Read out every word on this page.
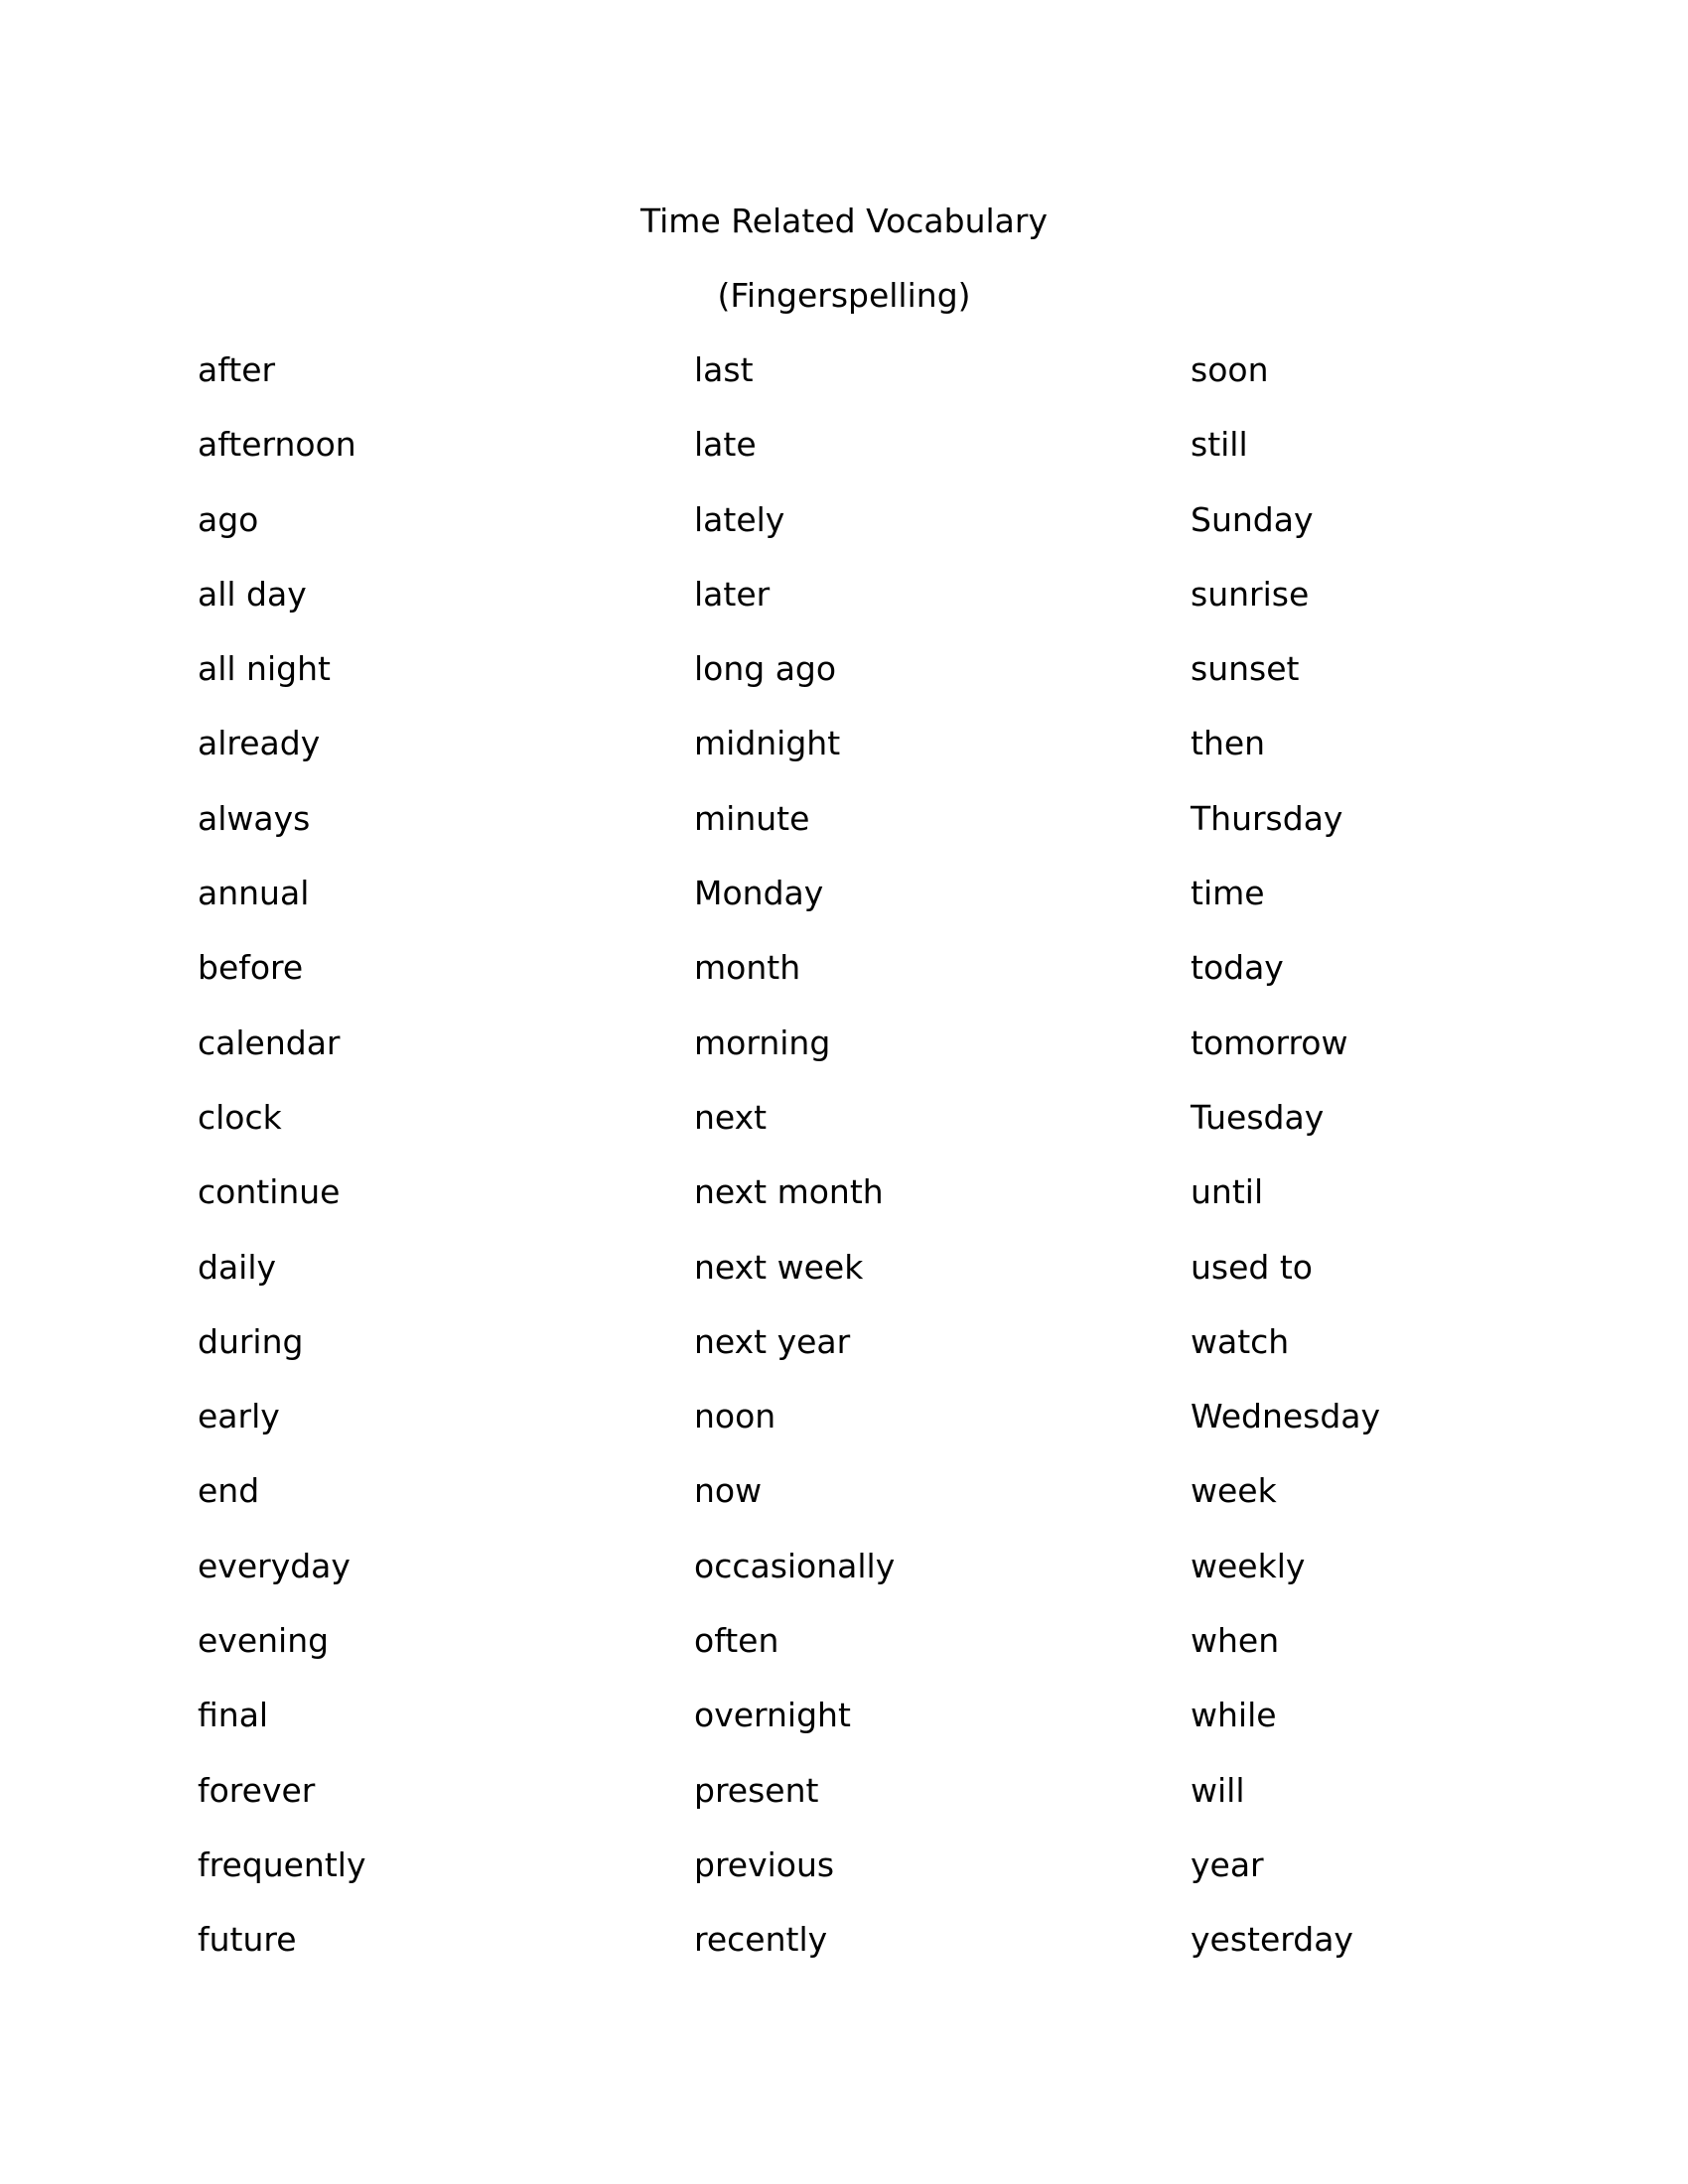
Time Related Vocabulary
(Fingerspelling)
after
afternoon
ago
all day
all night
already
always
annual
before
calendar
clock
continue
daily
during
early
end
everyday
evening
final
forever
frequently
future
last
late
lately
later
long ago
midnight
minute
Monday
month
morning
next
next month
next week
next year
noon
now
occasionally
often
overnight
present
previous
recently
soon
still
Sunday
sunrise
sunset
then
Thursday
time
today
tomorrow
Tuesday
until
used to
watch
Wednesday
week
weekly
when
while
will
year
yesterday
